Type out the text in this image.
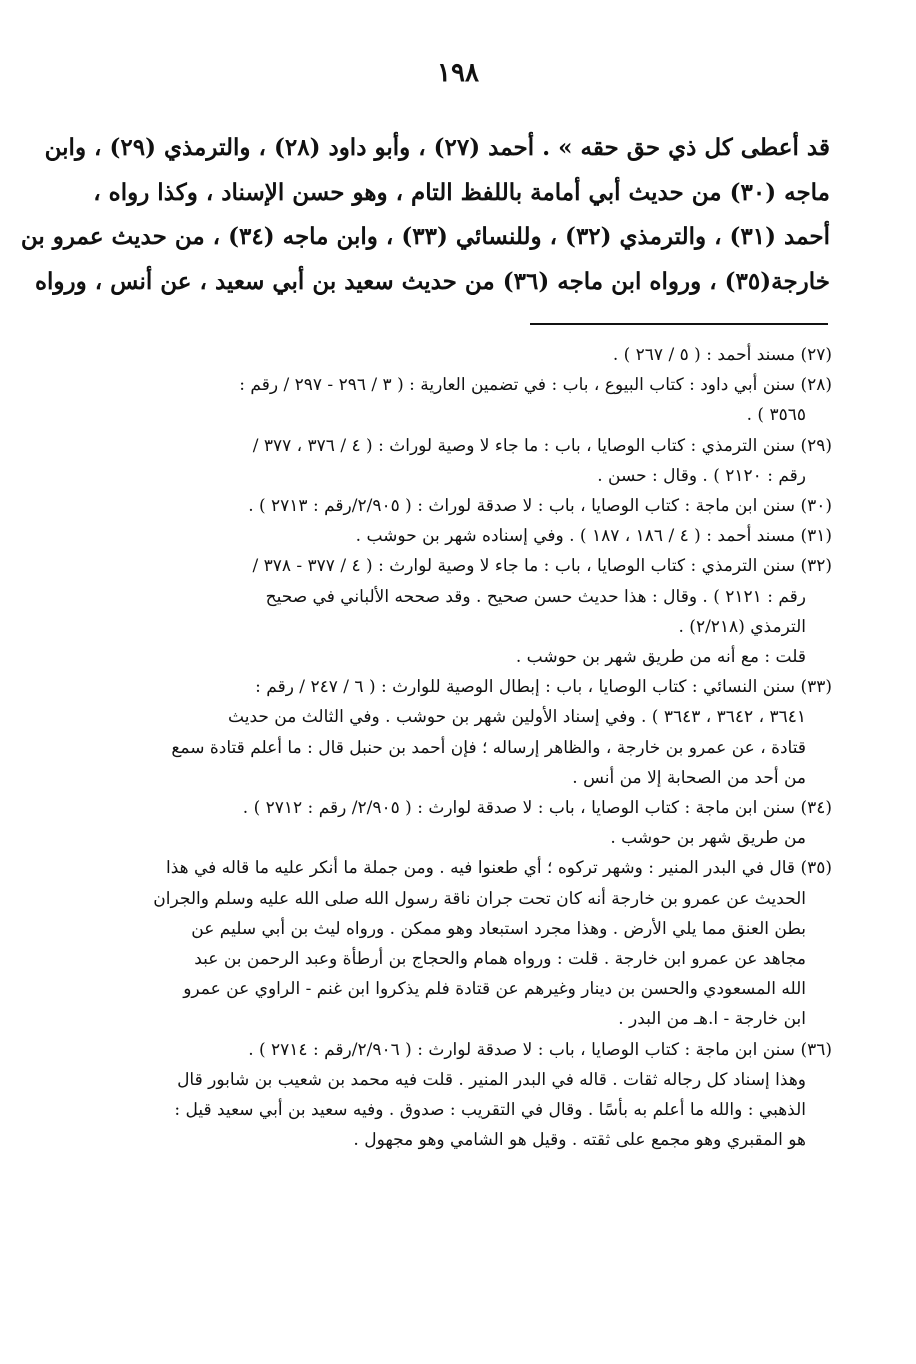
١٩٨
قد أعطى كل ذي حق حقه » . أحمد (٢٧) ، وأبو داود (٢٨) ، والترمذي (٢٩) ، وابن
ماجه (٣٠) من حديث أبي أمامة باللفظ التام ، وهو حسن الإسناد ، وكذا رواه ،
أحمد (٣١) ، والترمذي (٣٢) ، وللنسائي (٣٣) ، وابن ماجه (٣٤) ، من حديث عمرو بن
خارجة(٣٥) ، ورواه ابن ماجه (٣٦) من حديث سعيد بن أبي سعيد ، عن أنس ، ورواه
(٢٧) مسند أحمد : ( ٥ / ٢٦٧ ) .
(٢٨) سنن أبي داود : كتاب البيوع ، باب : في تضمين العارية : ( ٣ / ٢٩٦ - ٢٩٧ / رقم :
٣٥٦٥ ) .
(٢٩) سنن الترمذي : كتاب الوصايا ، باب : ما جاء لا وصية لوراث : ( ٤ / ٣٧٦ ، ٣٧٧ /
رقم : ٢١٢٠ ) . وقال : حسن .
(٣٠) سنن ابن ماجة : كتاب الوصايا ، باب : لا صدقة لوراث : ( ٢/٩٠٥/رقم : ٢٧١٣ ) .
(٣١) مسند أحمد : ( ٤ / ١٨٦ ، ١٨٧ ) . وفي إسناده شهر بن حوشب .
(٣٢) سنن الترمذي : كتاب الوصايا ، باب : ما جاء لا وصية لوارث : ( ٤ / ٣٧٧ - ٣٧٨ /
رقم : ٢١٢١ ) . وقال : هذا حديث حسن صحيح . وقد صححه الألباني في صحيح
الترمذي (٢/٢١٨) .
قلت : مع أنه من طريق شهر بن حوشب .
(٣٣) سنن النسائي : كتاب الوصايا ، باب : إبطال الوصية للوارث : ( ٦ / ٢٤٧ / رقم :
٣٦٤١ ، ٣٦٤٢ ، ٣٦٤٣ ) . وفي إسناد الأولين شهر بن حوشب . وفي الثالث من حديث
قتادة ، عن عمرو بن خارجة ، والظاهر إرساله ؛ فإن أحمد بن حنبل قال : ما أعلم قتادة سمع
من أحد من الصحابة إلا من أنس .
(٣٤) سنن ابن ماجة : كتاب الوصايا ، باب : لا صدقة لوارث : ( ٢/٩٠٥/ رقم : ٢٧١٢ ) .
من طريق شهر بن حوشب .
(٣٥) قال في البدر المنير : وشهر تركوه ؛ أي طعنوا فيه . ومن جملة ما أنكر عليه ما قاله في هذا
الحديث عن عمرو بن خارجة أنه كان تحت جران ناقة رسول الله صلى الله عليه وسلم والجران
بطن العنق مما يلي الأرض . وهذا مجرد استبعاد وهو ممكن . ورواه ليث بن أبي سليم عن
مجاهد عن عمرو ابن خارجة . قلت : ورواه همام والحجاج بن أرطأة وعبد الرحمن بن عبد
الله المسعودي والحسن بن دينار وغيرهم عن قتادة فلم يذكروا ابن غنم - الراوي عن عمرو
ابن خارجة - ا.هـ من البدر .
(٣٦) سنن ابن ماجة : كتاب الوصايا ، باب : لا صدقة لوارث : ( ٢/٩٠٦/رقم : ٢٧١٤ ) .
وهذا إسناد كل رجاله ثقات . قاله في البدر المنير . قلت فيه محمد بن شعيب بن شابور قال
الذهبي : والله ما أعلم به بأسًا . وقال في التقريب : صدوق . وفيه سعيد بن أبي سعيد قيل :
هو المقبري وهو مجمع على ثقته . وقيل هو الشامي وهو مجهول .
